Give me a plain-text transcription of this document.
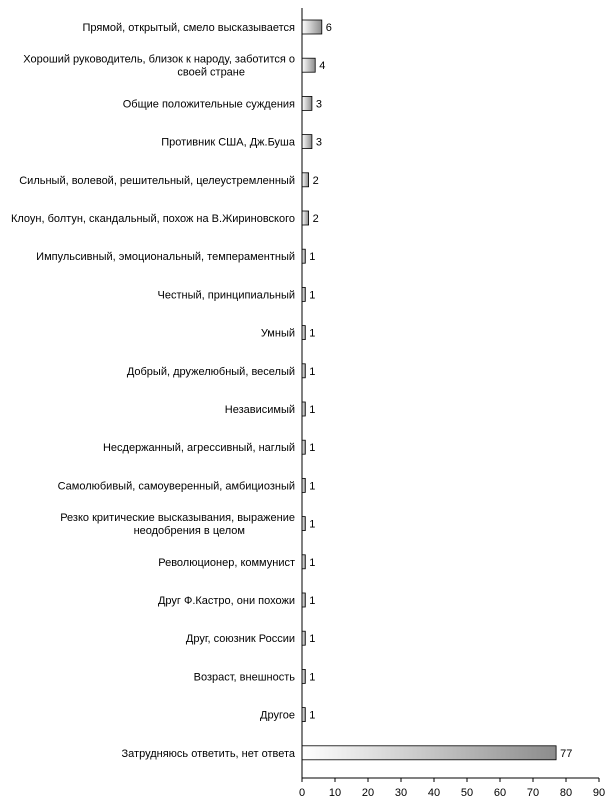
Прямой, открытый, смело высказывается
Хороший руководитель, близок к народу, заботится о своей стране
Общие положительные суждения
Противник США, Дж.Буша
Сильный, волевой, решительный, целеустремленный
Клоун, болтун, скандальный, похож на В.Жириновского
Импульсивный, эмоциональный, темпераментный
Честный, принципиальный
Умный
Добрый, дружелюбный, веселый
Независимый
Несдержанный, агрессивный, наглый
Самолюбивый, самоуверенный, амбициозный
Резко критические высказывания, выражение неодобрения в целом
Революционер, коммунист
Друг Ф.Кастро, они похожи
Друг, союзник России
Возраст, внешность
Другое
Затрудняюсь ответить, нет ответа
6
4
3
3
2
2
1
1
1
1
1
1
1
1
1
1
1
1
1
77
0 10 20 30 40 50 60 70 80 90
